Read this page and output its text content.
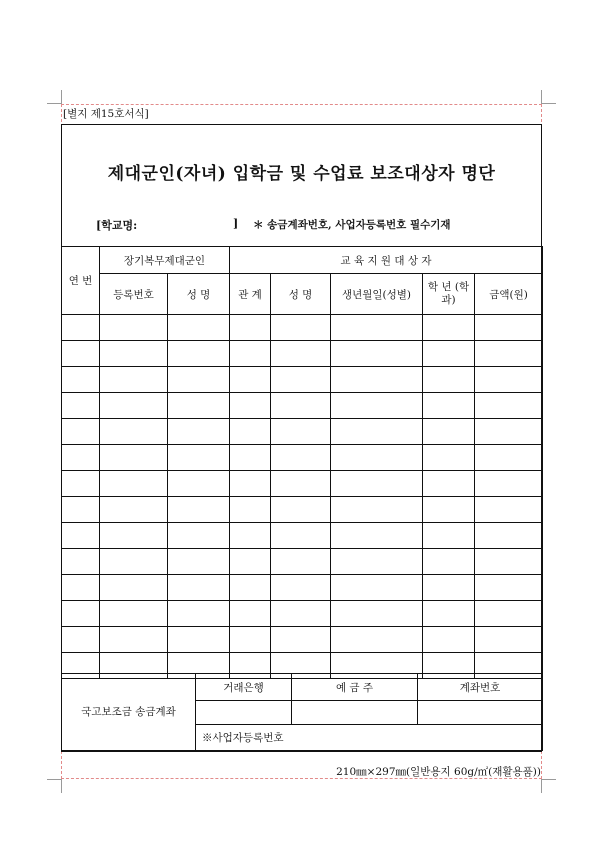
[별지 제15호서식]
제대군인(자녀) 입학금 및 수업료 보조대상자 명단
[학교명:	] ＊ 송금계좌번호, 사업자등록번호 필수기재
연 번	장기복무제대군인		교 육 지 원 대 상 자				
	등록번호	성 명	관 계	성 명	생년월일(성별)	학 년 (학과)	금액(원)

국고보조금 송금계좌	거래은행	예 금 주	계좌번호

	※사업자등록번호		
210㎜×297㎜(일반용지 60g/㎡(재활용품))
